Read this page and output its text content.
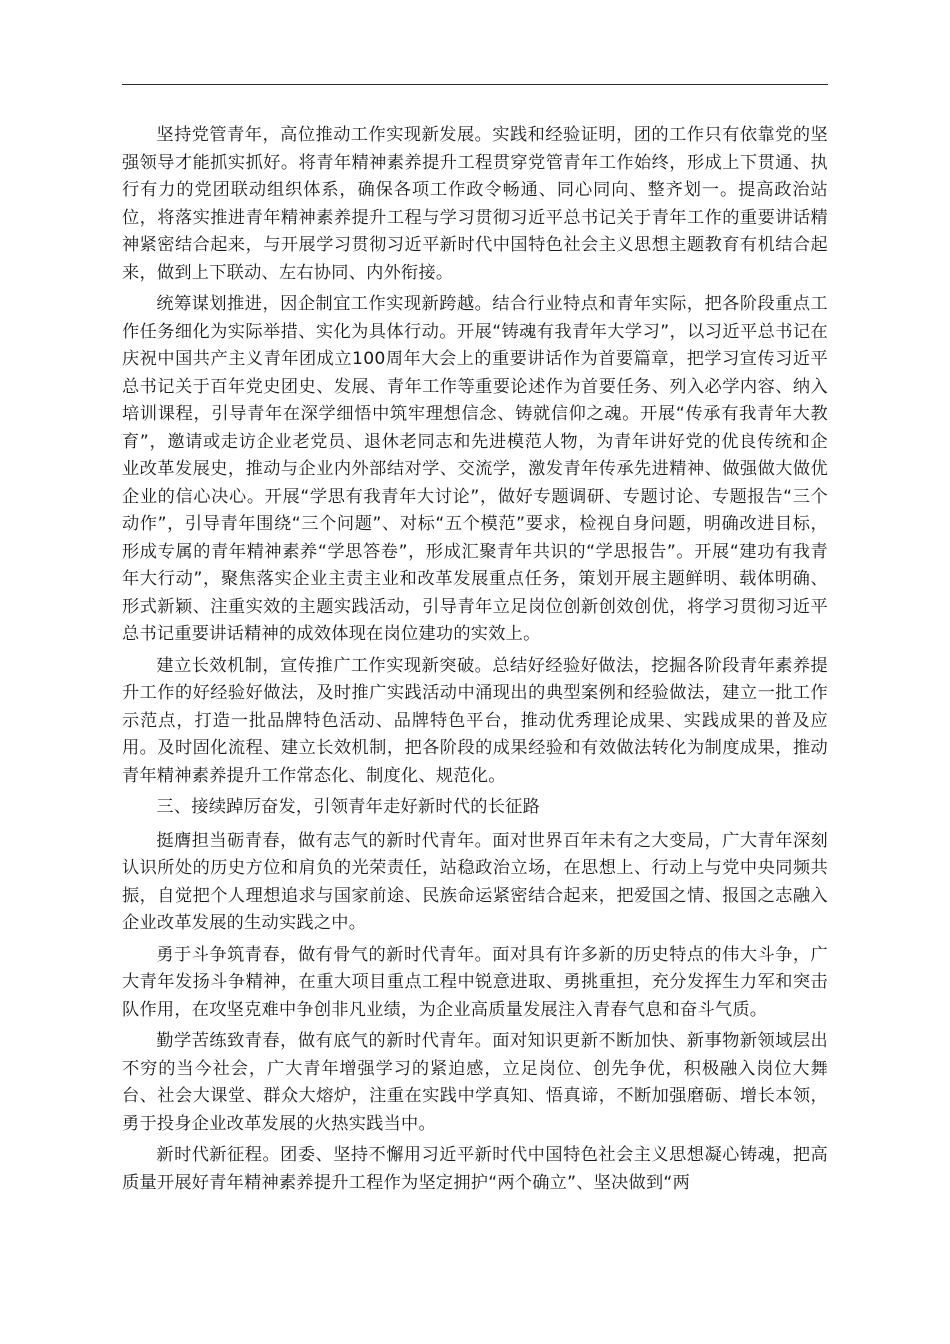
坚持党管青年，高位推动工作实现新发展。实践和经验证明，团的工作只有依靠党的坚强领导才能抓实抓好。将青年精神素养提升工程贯穿党管青年工作始终，形成上下贯通、执行有力的党团联动组织体系，确保各项工作政令畅通、同心同向、整齐划一。提高政治站位，将落实推进青年精神素养提升工程与学习贯彻习近平总书记关于青年工作的重要讲话精神紧密结合起来，与开展学习贯彻习近平新时代中国特色社会主义思想主题教育有机结合起来，做到上下联动、左右协同、内外衔接。

统筹谋划推进，因企制宜工作实现新跨越。结合行业特点和青年实际，把各阶段重点工作任务细化为实际举措、实化为具体行动。开展“铸魂有我青年大学习”，以习近平总书记在庆祝中国共产主义青年团成立100周年大会上的重要讲话作为首要篇章，把学习宣传习近平总书记关于百年党史团史、发展、青年工作等重要论述作为首要任务、列入必学内容、纳入培训课程，引导青年在深学细悟中筑牢理想信念、铸就信仰之魂。开展“传承有我青年大教育”，邀请或走访企业老党员、退休老同志和先进模范人物，为青年讲好党的优良传统和企业改革发展史，推动与企业内外部结对学、交流学，激发青年传承先进精神、做强做大做优企业的信心决心。开展“学思有我青年大讨论”，做好专题调研、专题讨论、专题报告“三个动作”，引导青年围绕“三个问题”、对标“五个模范”要求，检视自身问题，明确改进目标，形成专属的青年精神素养“学思答卷”，形成汇聚青年共识的“学思报告”。开展“建功有我青年大行动”，聚焦落实企业主责主业和改革发展重点任务，策划开展主题鲜明、载体明确、形式新颖、注重实效的主题实践活动，引导青年立足岗位创新创效创优，将学习贯彻习近平总书记重要讲话精神的成效体现在岗位建功的实效上。

建立长效机制，宣传推广工作实现新突破。总结好经验好做法，挖掘各阶段青年素养提升工作的好经验好做法，及时推广实践活动中涌现出的典型案例和经验做法，建立一批工作示范点，打造一批品牌特色活动、品牌特色平台，推动优秀理论成果、实践成果的普及应用。及时固化流程、建立长效机制，把各阶段的成果经验和有效做法转化为制度成果，推动青年精神素养提升工作常态化、制度化、规范化。

三、接续踔厉奋发，引领青年走好新时代的长征路

挺膺担当砺青春，做有志气的新时代青年。面对世界百年未有之大变局，广大青年深刻认识所处的历史方位和肩负的光荣责任，站稳政治立场，在思想上、行动上与党中央同频共振，自觉把个人理想追求与国家前途、民族命运紧密结合起来，把爱国之情、报国之志融入企业改革发展的生动实践之中。

勇于斗争筑青春，做有骨气的新时代青年。面对具有许多新的历史特点的伟大斗争，广大青年发扬斗争精神，在重大项目重点工程中锐意进取、勇挑重担，充分发挥生力军和突击队作用，在攻坚克难中争创非凡业绩，为企业高质量发展注入青春气息和奋斗气质。

勤学苦练致青春，做有底气的新时代青年。面对知识更新不断加快、新事物新领域层出不穷的当今社会，广大青年增强学习的紧迫感，立足岗位、创先争优，积极融入岗位大舞台、社会大课堂、群众大熔炉，注重在实践中学真知、悟真谛，不断加强磨砺、增长本领，勇于投身企业改革发展的火热实践当中。

新时代新征程。团委、坚持不懈用习近平新时代中国特色社会主义思想凝心铸魂，把高质量开展好青年精神素养提升工程作为坚定拥护“两个确立”、坚决做到“两
